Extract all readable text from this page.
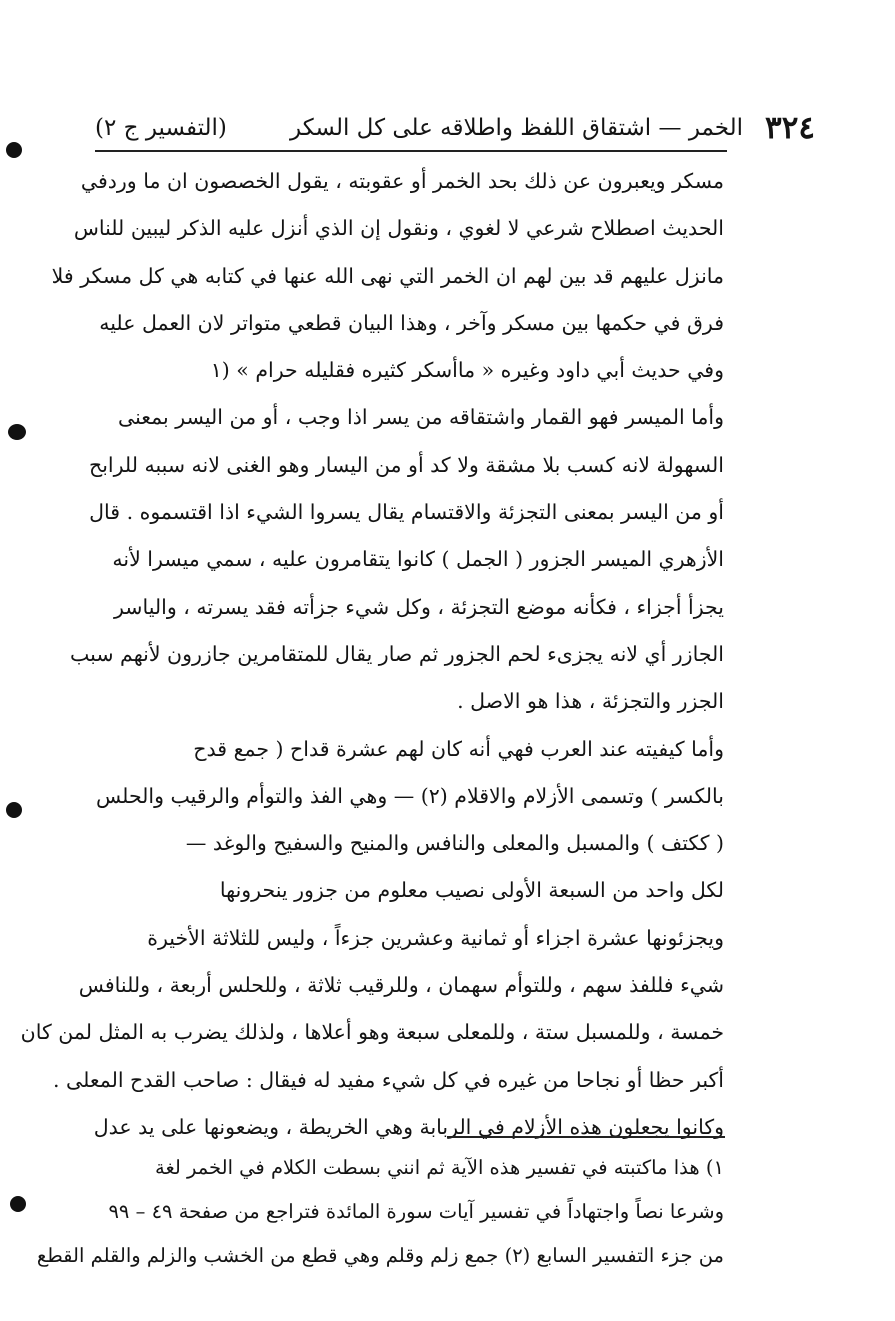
٣٢٤
الخمر — اشتقاق اللفظ واطلاقه على كل السكر
(التفسير ج ٢)
مسكر ويعبرون عن ذلك بحد الخمر أو عقوبته ، يقول الخصصون ان ما وردفي
الحديث اصطلاح شرعي لا لغوي ، ونقول إن الذي أنزل عليه الذكر ليبين للناس
مانزل عليهم قد بين لهم ان الخمر التي نهى الله عنها في كتابه هي كل مسكر فلا
فرق في حكمها بين مسكر وآخر ، وهذا البيان قطعي متواتر لان العمل عليه
وفي حديث أبي داود وغيره « ماأسكر كثيره فقليله حرام » (١
وأما الميسر فهو القمار واشتقاقه من يسر اذا وجب ، أو من اليسر بمعنى
السهولة لانه كسب بلا مشقة ولا كد أو من اليسار وهو الغنى لانه سببه للرابح
أو من اليسر بمعنى التجزئة والاقتسام يقال يسروا الشيء اذا اقتسموه . قال
الأزهري الميسر الجزور ( الجمل ) كانوا يتقامرون عليه ، سمي ميسرا لأنه
يجزأ أجزاء ، فكأنه موضع التجزئة ، وكل شيء جزأته فقد يسرته ، والياسر
الجازر أي لانه يجزىء لحم الجزور ثم صار يقال للمتقامرين جازرون لأنهم سبب
الجزر والتجزئة ، هذا هو الاصل .
وأما كيفيته عند العرب فهي أنه كان لهم عشرة قداح ( جمع قدح
بالكسر ) وتسمى الأزلام والاقلام (٢) — وهي الفذ والتوأم والرقيب والحلس
( ككتف ) والمسبل والمعلى والنافس والمنيح والسفيح والوغد —
لكل واحد من السبعة الأولى نصيب معلوم من جزور ينحرونها
ويجزئونها عشرة اجزاء أو ثمانية وعشرين جزءاً ، وليس للثلاثة الأخيرة
شيء فللفذ سهم ، وللتوأم سهمان ، وللرقيب ثلاثة ، وللحلس أربعة ، وللنافس
خمسة ، وللمسبل ستة ، وللمعلى سبعة وهو أعلاها ، ولذلك يضرب به المثل لمن كان
أكبر حظا أو نجاحا من غيره في كل شيء مفيد له فيقال : صاحب القدح المعلى .
وكانوا يجعلون هذه الأزلام في الربابة وهي الخريطة ، ويضعونها على يد عدل
١) هذا ماكتبته في تفسير هذه الآية ثم انني بسطت الكلام في الخمر لغة
وشرعا نصاً واجتهاداً في تفسير آيات سورة المائدة فتراجع من صفحة ٤٩ – ٩٩
من جزء التفسير السابع (٢) جمع زلم وقلم وهي قطع من الخشب والزلم والقلم القطع
